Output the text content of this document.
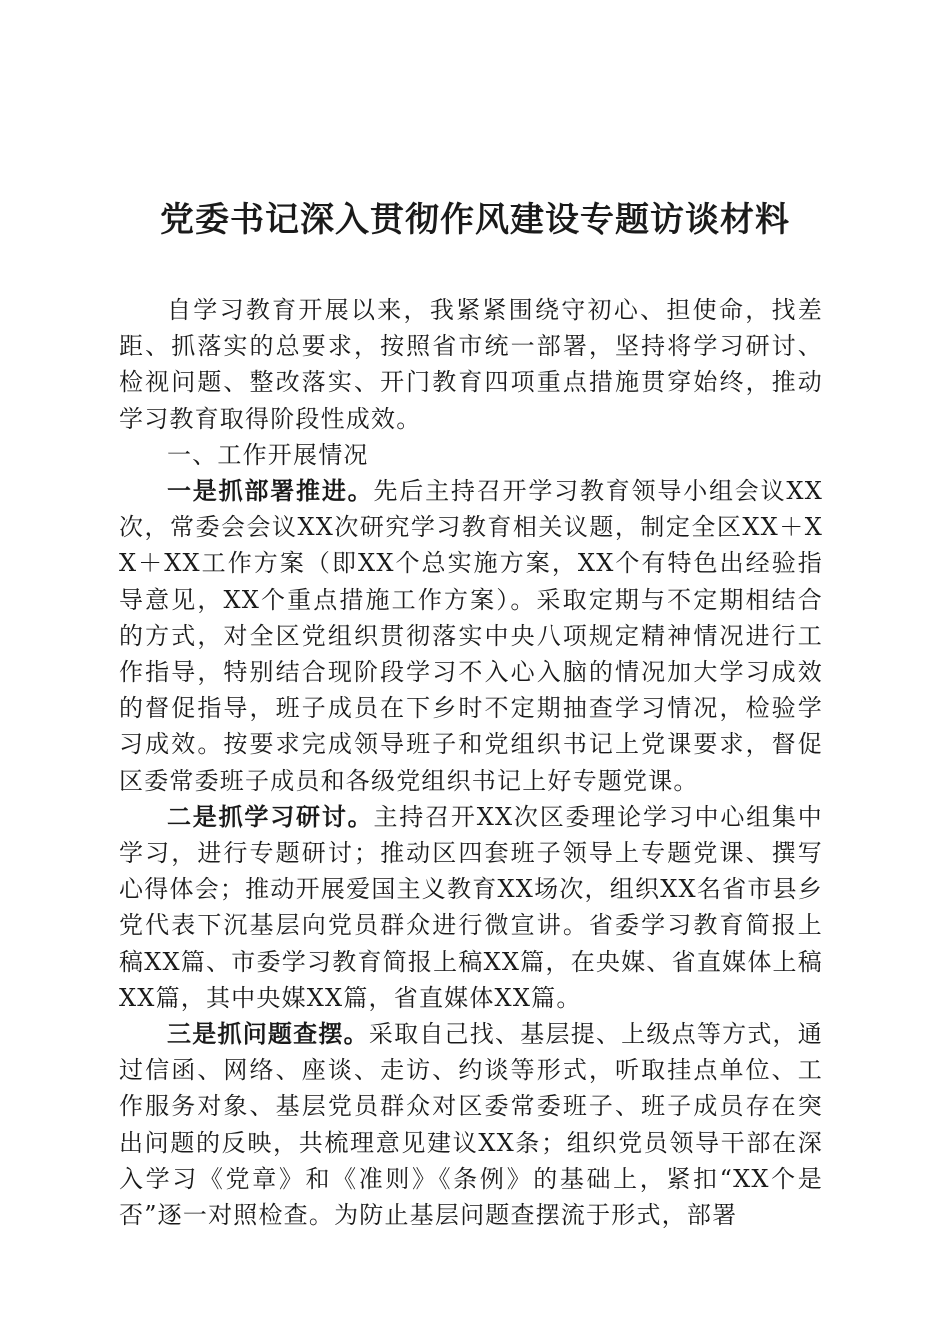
党委书记深入贯彻作风建设专题访谈材料

自学习教育开展以来，我紧紧围绕守初心、担使命，找差距、抓落实的总要求，按照省市统一部署，坚持将学习研讨、检视问题、整改落实、开门教育四项重点措施贯穿始终，推动学习教育取得阶段性成效。

一、工作开展情况

一是抓部署推进。先后主持召开学习教育领导小组会议XX次，常委会会议XX次研究学习教育相关议题，制定全区XX＋XX＋XX工作方案（即XX个总实施方案，XX个有特色出经验指导意见，XX个重点措施工作方案）。采取定期与不定期相结合的方式，对全区党组织贯彻落实中央八项规定精神情况进行工作指导，特别结合现阶段学习不入心入脑的情况加大学习成效的督促指导，班子成员在下乡时不定期抽查学习情况，检验学习成效。按要求完成领导班子和党组织书记上党课要求，督促区委常委班子成员和各级党组织书记上好专题党课。

二是抓学习研讨。主持召开XX次区委理论学习中心组集中学习，进行专题研讨；推动区四套班子领导上专题党课、撰写心得体会；推动开展爱国主义教育XX场次，组织XX名省市县乡党代表下沉基层向党员群众进行微宣讲。省委学习教育简报上稿XX篇、市委学习教育简报上稿XX篇，在央媒、省直媒体上稿XX篇，其中央媒XX篇，省直媒体XX篇。

三是抓问题查摆。采取自己找、基层提、上级点等方式，通过信函、网络、座谈、走访、约谈等形式，听取挂点单位、工作服务对象、基层党员群众对区委常委班子、班子成员存在突出问题的反映，共梳理意见建议XX条；组织党员领导干部在深入学习《党章》和《准则》《条例》的基础上，紧扣“XX个是否”逐一对照检查。为防止基层问题查摆流于形式，部署
